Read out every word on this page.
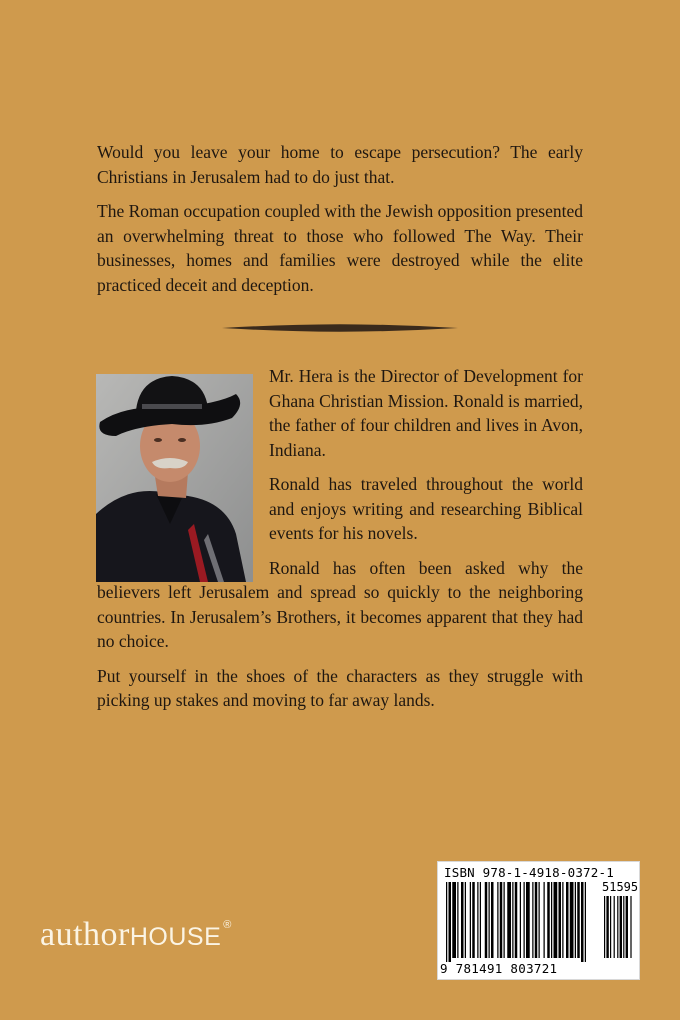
Would you leave your home to escape persecution? The early Christians in Jerusalem had to do just that.

The Roman occupation coupled with the Jewish opposition presented an overwhelming threat to those who followed The Way. Their businesses, homes and families were destroyed while the elite practiced deceit and deception.

Mr. Hera is the Director of Development for Ghana Christian Mission. Ronald is married, the father of four children and lives in Avon, Indiana.

Ronald has traveled throughout the world and enjoys writing and researching Biblical events for his novels.

Ronald has often been asked why the believers left Jerusalem and spread so quickly to the neighboring countries. In Jerusalem’s Brothers, it becomes apparent that they had no choice.

Put yourself in the shoes of the characters as they struggle with picking up stakes and moving to far away lands.

authorHOUSE ®
ISBN 978-1-4918-0372-1
51595
9 781491 803721
